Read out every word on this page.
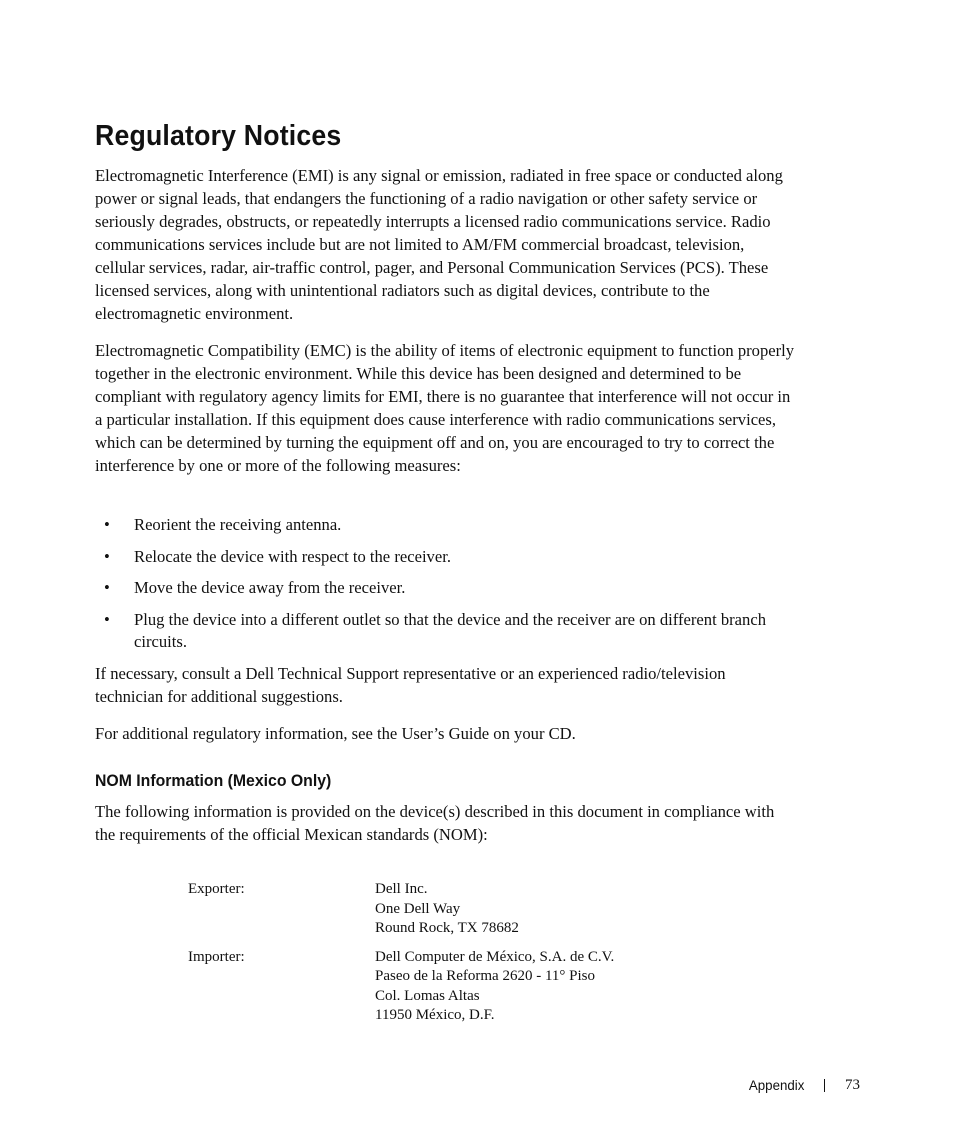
Regulatory Notices

Electromagnetic Interference (EMI) is any signal or emission, radiated in free space or conducted along power or signal leads, that endangers the functioning of a radio navigation or other safety service or seriously degrades, obstructs, or repeatedly interrupts a licensed radio communications service. Radio communications services include but are not limited to AM/FM commercial broadcast, television, cellular services, radar, air-traffic control, pager, and Personal Communication Services (PCS). These licensed services, along with unintentional radiators such as digital devices, contribute to the electromagnetic environment.

Electromagnetic Compatibility (EMC) is the ability of items of electronic equipment to function properly together in the electronic environment. While this device has been designed and determined to be compliant with regulatory agency limits for EMI, there is no guarantee that interference will not occur in a particular installation. If this equipment does cause interference with radio communications services, which can be determined by turning the equipment off and on, you are encouraged to try to correct the interference by one or more of the following measures:

• Reorient the receiving antenna.
• Relocate the device with respect to the receiver.
• Move the device away from the receiver.
• Plug the device into a different outlet so that the device and the receiver are on different branch circuits.

If necessary, consult a Dell Technical Support representative or an experienced radio/television technician for additional suggestions.

For additional regulatory information, see the User’s Guide on your CD.

NOM Information (Mexico Only)

The following information is provided on the device(s) described in this document in compliance with the requirements of the official Mexican standards (NOM):

Exporter:	Dell Inc.
One Dell Way
Round Rock, TX 78682
Importer:	Dell Computer de México, S.A. de C.V.
Paseo de la Reforma 2620 - 11° Piso
Col. Lomas Altas
11950 México, D.F.
Appendix	73
